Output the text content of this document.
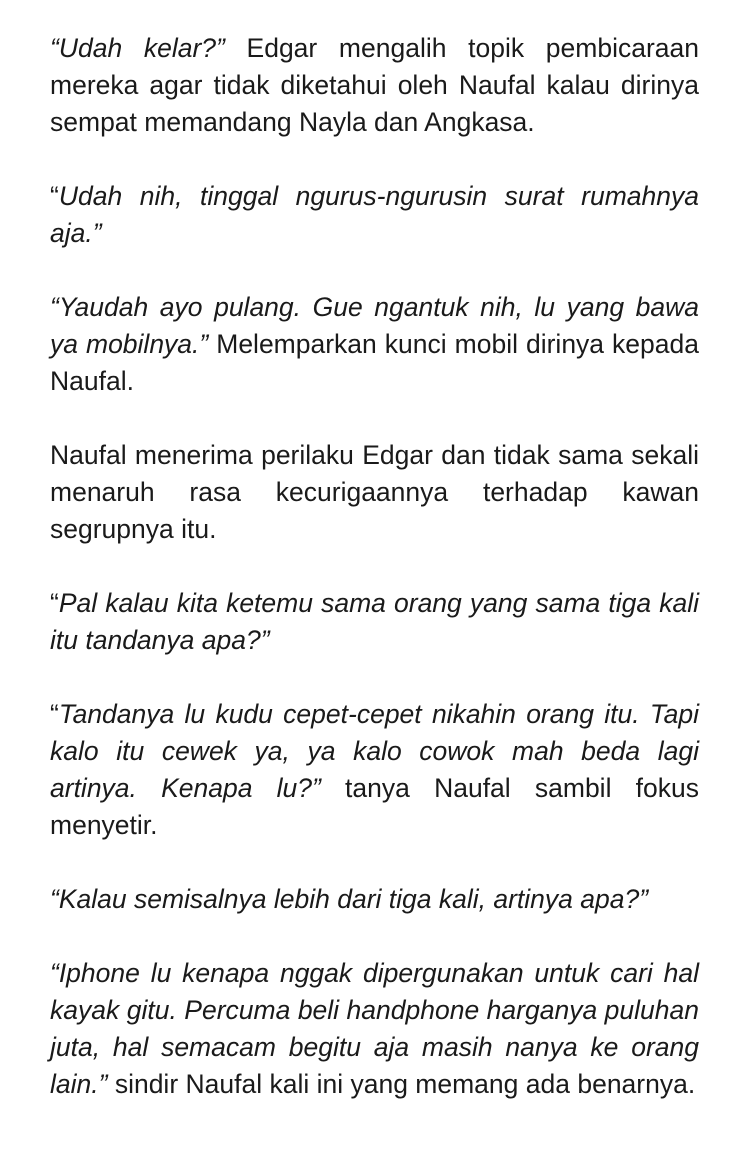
“Udah kelar?” Edgar mengalih topik pembicaraan mereka agar tidak diketahui oleh Naufal kalau dirinya sempat memandang Nayla dan Angkasa.

“Udah nih, tinggal ngurus-ngurusin surat rumahnya aja.”

“Yaudah ayo pulang. Gue ngantuk nih, lu yang bawa ya mobilnya.” Melemparkan kunci mobil dirinya kepada Naufal.

Naufal menerima perilaku Edgar dan tidak sama sekali menaruh rasa kecurigaannya terhadap kawan segrupnya itu.

“Pal kalau kita ketemu sama orang yang sama tiga kali itu tandanya apa?”

“Tandanya lu kudu cepet-cepet nikahin orang itu. Tapi kalo itu cewek ya, ya kalo cowok mah beda lagi artinya. Kenapa lu?” tanya Naufal sambil fokus menyetir.

“Kalau semisalnya lebih dari tiga kali, artinya apa?”

“Iphone lu kenapa nggak dipergunakan untuk cari hal kayak gitu. Percuma beli handphone harganya puluhan juta, hal semacam begitu aja masih nanya ke orang lain.” sindir Naufal kali ini yang memang ada benarnya.
